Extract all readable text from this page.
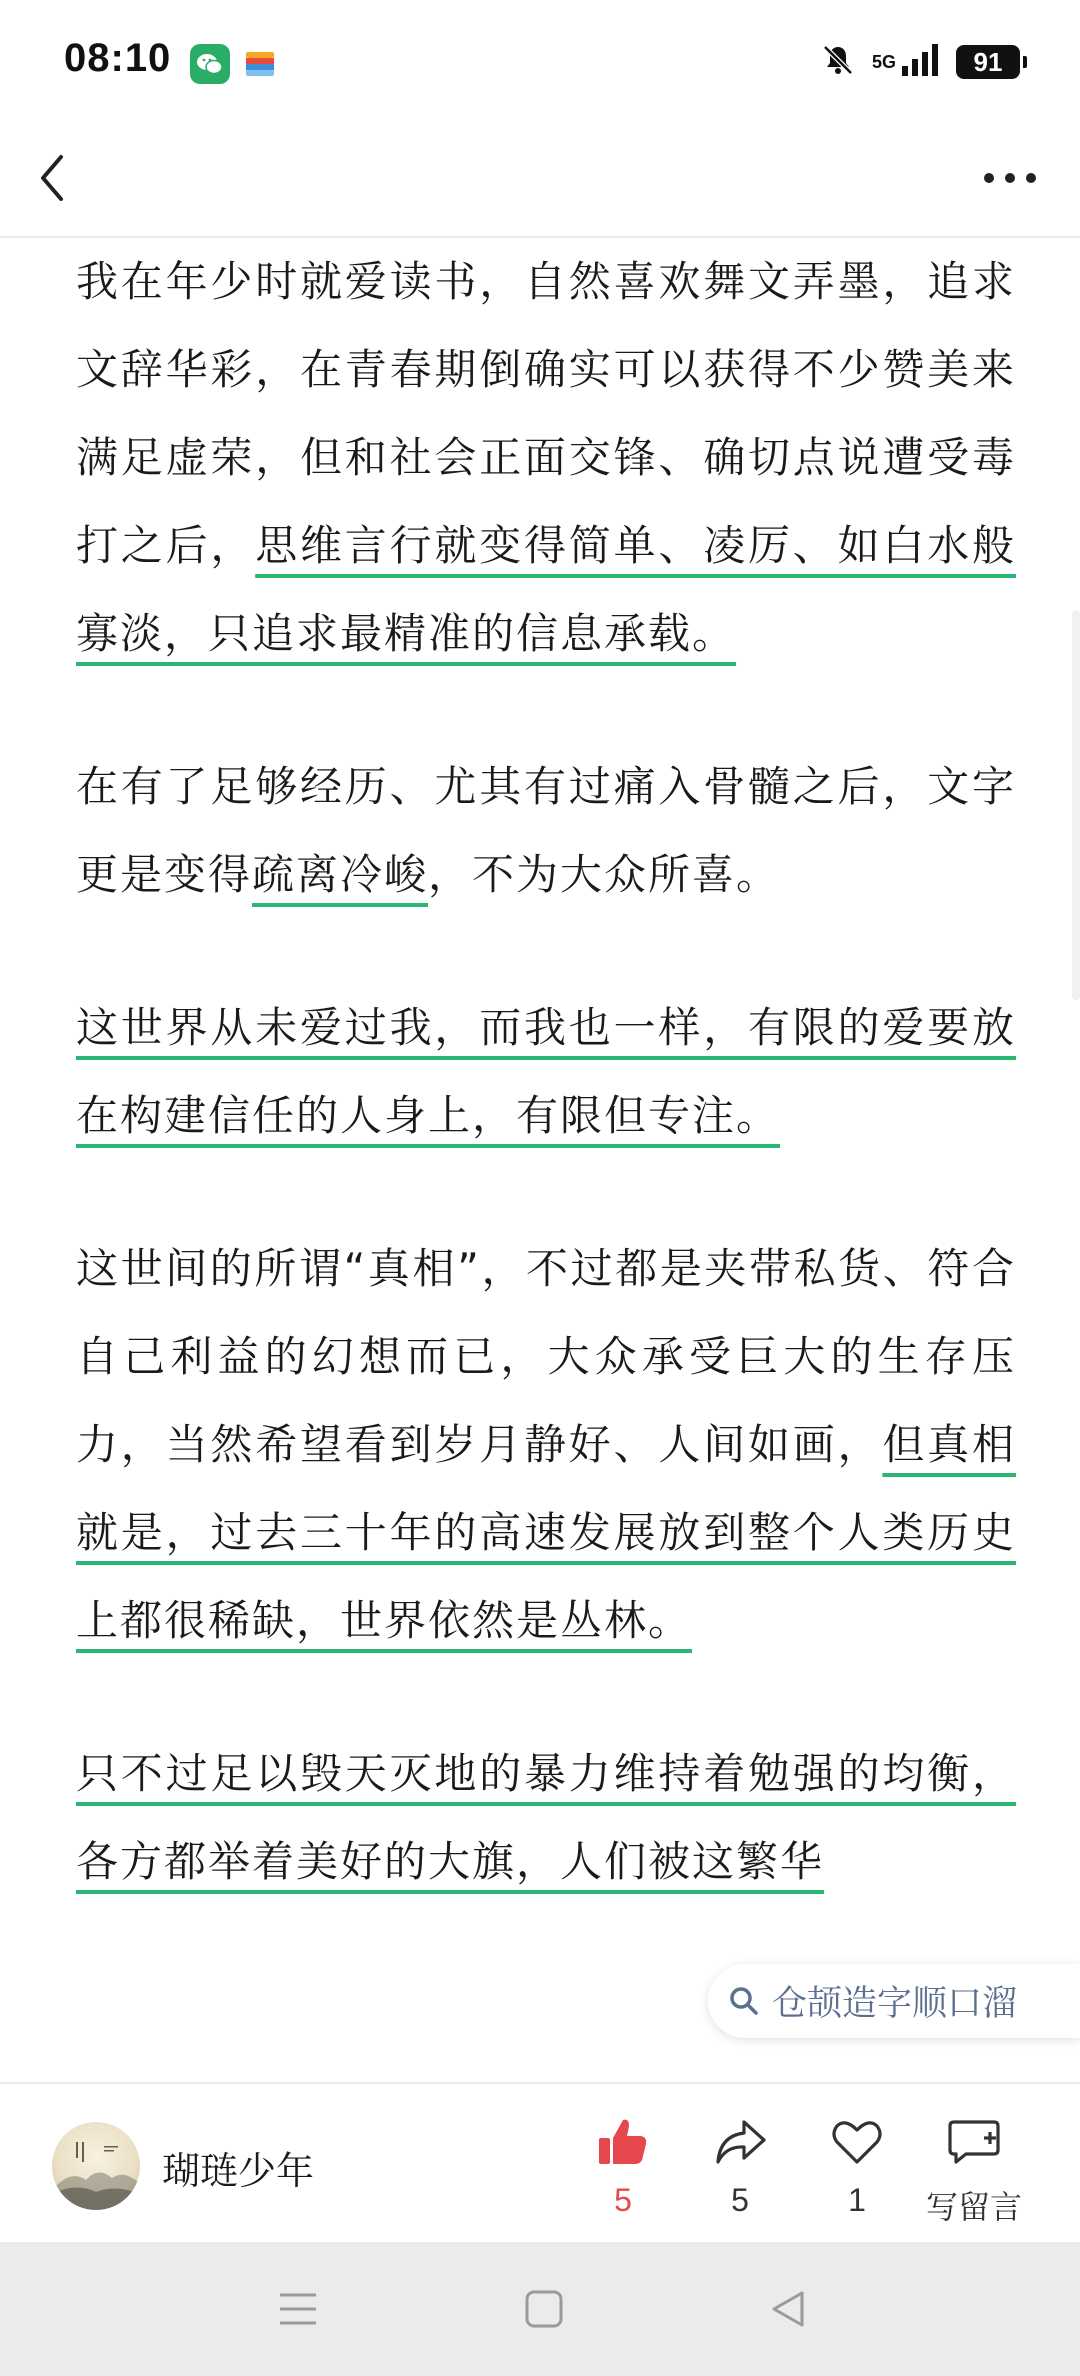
08:10	5G	91

我在年少时就爱读书，自然喜欢舞文弄墨，追求文辞华彩，在青春期倒确实可以获得不少赞美来满足虚荣，但和社会正面交锋、确切点说遭受毒打之后，思维言行就变得简单、凌厉、如白水般寡淡，只追求最精准的信息承载。

在有了足够经历、尤其有过痛入骨髓之后，文字更是变得疏离冷峻，不为大众所喜。

这世界从未爱过我，而我也一样，有限的爱要放在构建信任的人身上，有限但专注。

这世间的所谓“真相”，不过都是夹带私货、符合自己利益的幻想而已，大众承受巨大的生存压力，当然希望看到岁月静好、人间如画，但真相就是，过去三十年的高速发展放到整个人类历史上都很稀缺，世界依然是丛林。

只不过足以毁天灭地的暴力维持着勉强的均衡，各方都举着美好的大旗，人们被这繁华

仓颉造字顺口溜
瑚琏少年
5	5	1 写留言
